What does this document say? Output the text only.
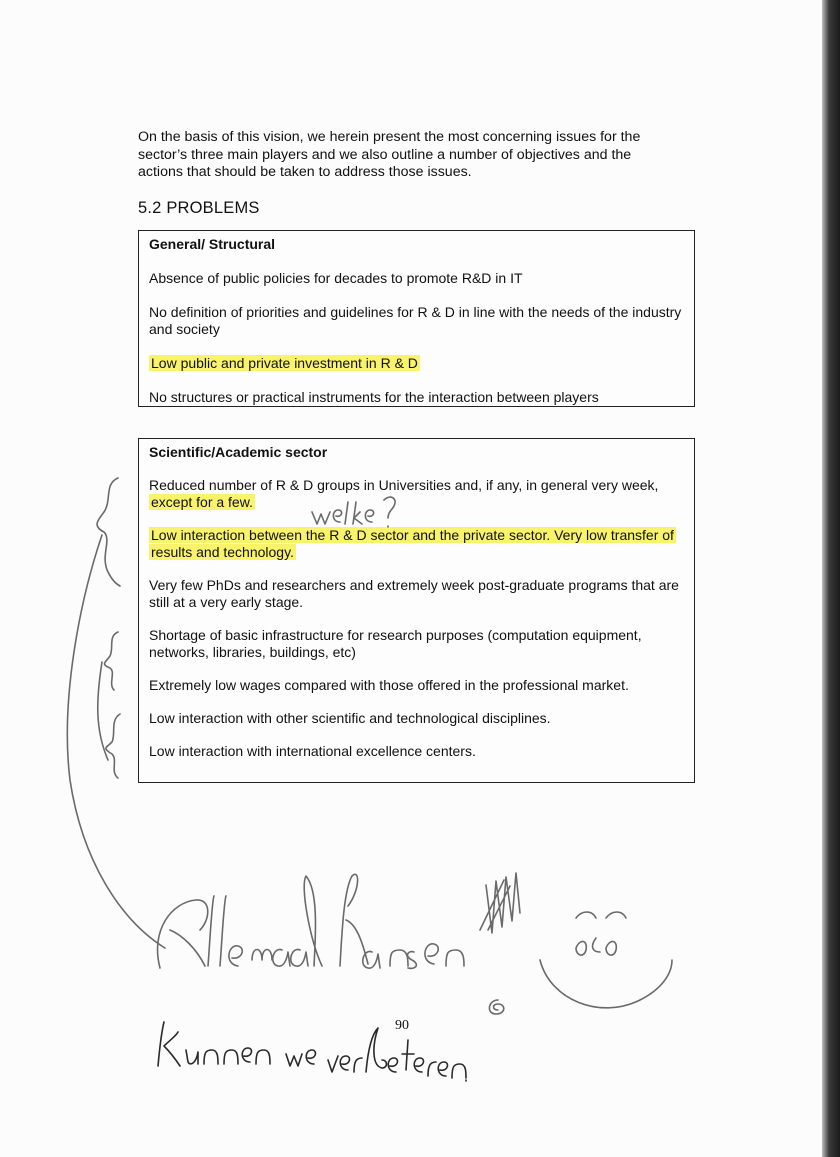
On the basis of this vision, we herein present the most concerning issues for the
sector’s three main players and we also outline a number of objectives and the
actions that should be taken to address those issues.

5.2 PROBLEMS

General/ Structural

Absence of public policies for decades to promote R&D in IT

No definition of priorities and guidelines for R & D in line with the needs of the industry and society

Low public and private investment in R & D

No structures or practical instruments for the interaction between players

Scientific/Academic sector

Reduced number of R & D groups in Universities and, if any, in general very week, except for a few.

Low interaction between the R & D sector and the private sector. Very low transfer of results and technology.

Very few PhDs and researchers and extremely week post-graduate programs that are still at a very early stage.

Shortage of basic infrastructure for research purposes (computation equipment, networks, libraries, buildings, etc)

Extremely low wages compared with those offered in the professional market.

Low interaction with other scientific and technological disciplines.

Low interaction with international excellence centers.

90
